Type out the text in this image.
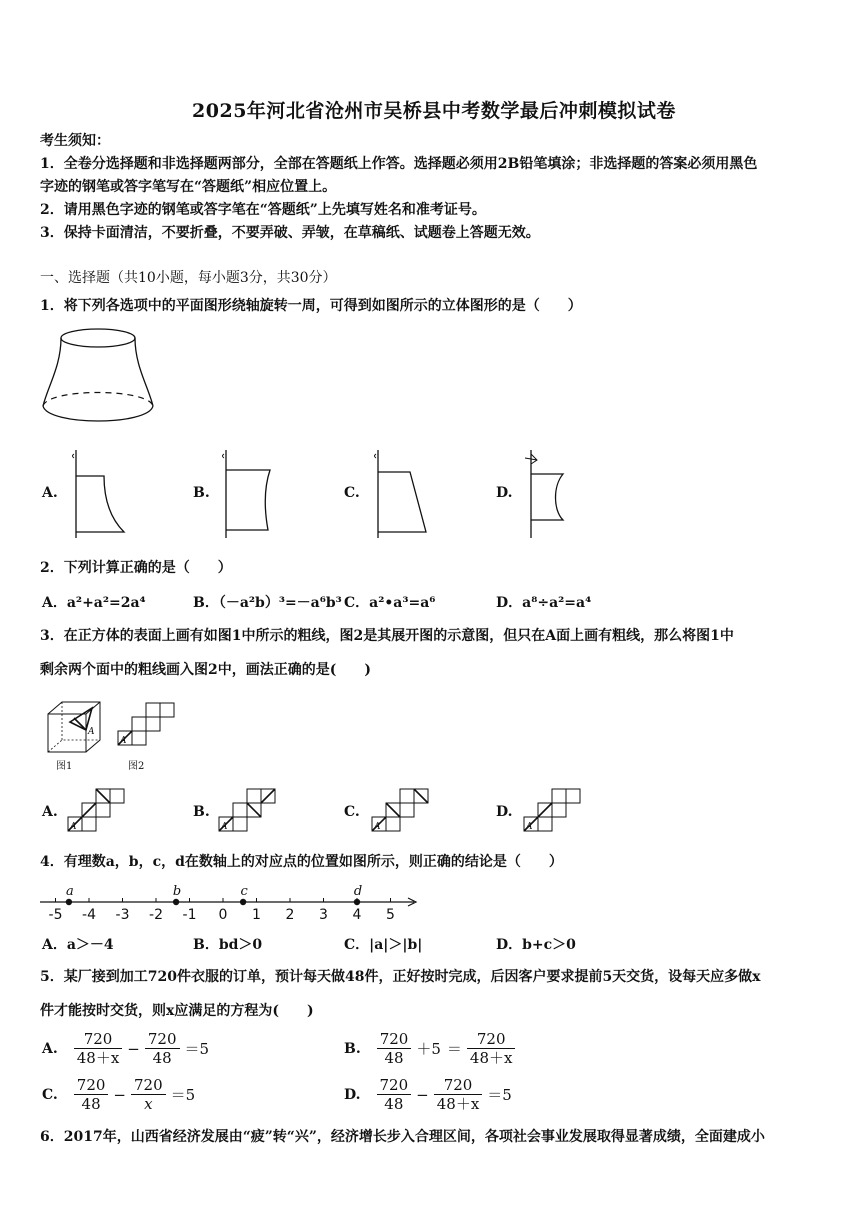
2025年河北省沧州市吴桥县中考数学最后冲刺模拟试卷
考生须知：
1．全卷分选择题和非选择题两部分，全部在答题纸上作答。选择题必须用2B铅笔填涂；非选择题的答案必须用黑色
字迹的钢笔或答字笔写在“答题纸”相应位置上。
2．请用黑色字迹的钢笔或答字笔在“答题纸”上先填写姓名和准考证号。
3．保持卡面清洁，不要折叠，不要弄破、弄皱，在草稿纸、试题卷上答题无效。
一、选择题（共10小题，每小题3分，共30分）
1．将下列各选项中的平面图形绕轴旋转一周，可得到如图所示的立体图形的是（　　）
A.	B.	C.	D.
2．下列计算正确的是（　　）
A．a²+a²=2a⁴	B．（－a²b）³=－a⁶b³ C．a²•a³=a⁶	D．a⁸÷a²=a⁴
3．在正方体的表面上画有如图1中所示的粗线，图2是其展开图的示意图，但只在A面上画有粗线，那么将图1中
剩余两个面中的粗线画入图2中，画法正确的是(　　)
A
图1
A
图2
A.
A
B.
A
C.
A
D.
A
4．有理数a，b，c，d在数轴上的对应点的位置如图所示，则正确的结论是（　　）
-5 -4 -3 -2 -1 0 1 2 3 4 5
a	b	c	d
A．a＞－4	B．bd＞0	C．|a|＞|b|	D．b+c＞0
5．某厂接到加工720件衣服的订单，预计每天做48件，正好按时完成，后因客户要求提前5天交货，设每天应多做x
件才能按时交货，则x应满足的方程为(　　)
A. $\frac{720}{48+x} - \frac{720}{48} =5$	B. $\frac{720}{48} +5 = \frac{720}{48+x}$
C. $\frac{720}{48} - \frac{720}{x} =5$	D. $\frac{720}{48} - \frac{720}{48+x} =5$
6．2017年，山西省经济发展由“疲”转“兴”，经济增长步入合理区间，各项社会事业发展取得显著成绩，全面建成小
